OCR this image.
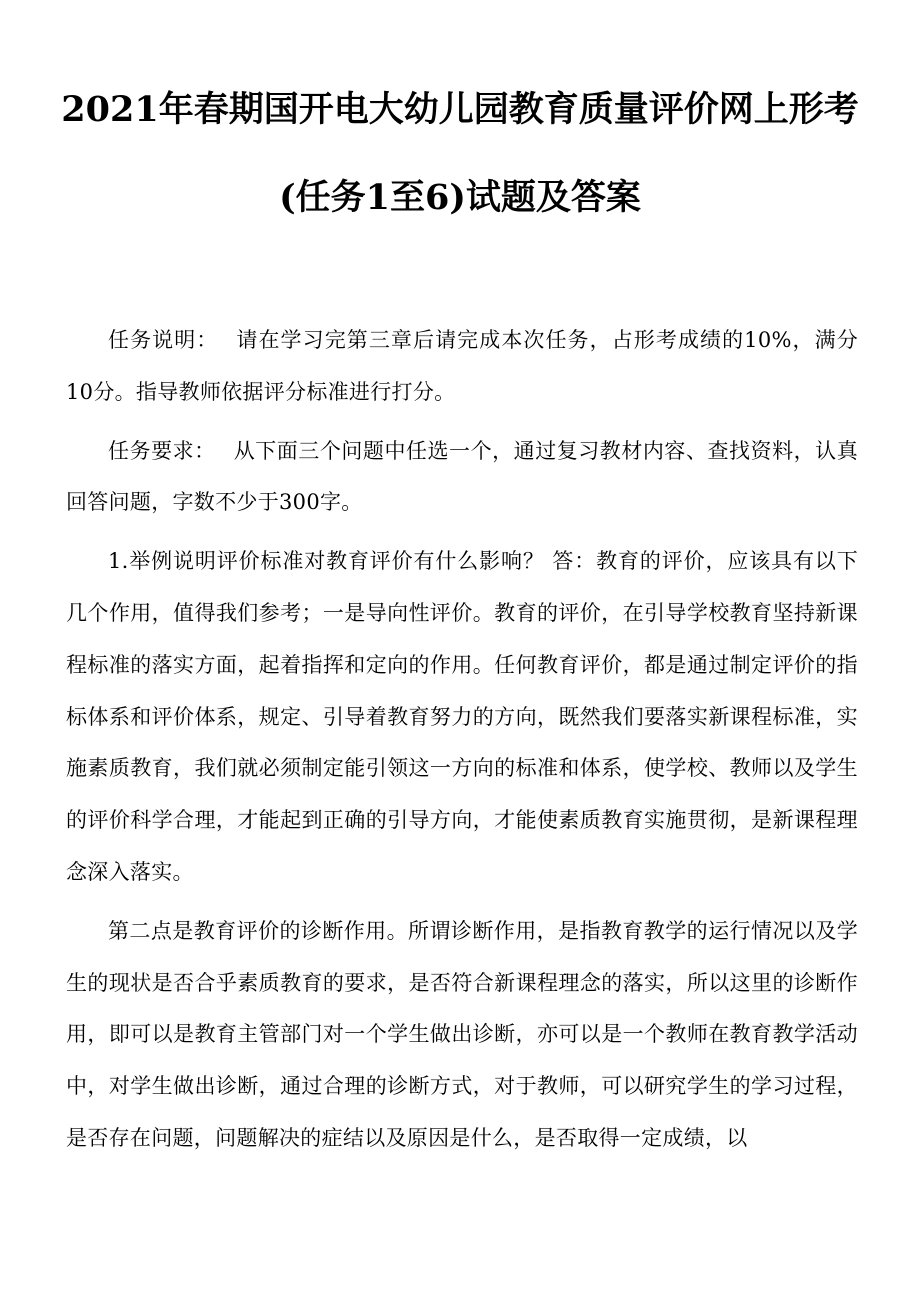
2021年春期国开电大幼儿园教育质量评价网上形考
(任务1至6)试题及答案

任务说明： 请在学习完第三章后请完成本次任务，占形考成绩的10%，满分10分。指导教师依据评分标准进行打分。

任务要求： 从下面三个问题中任选一个，通过复习教材内容、查找资料，认真回答问题，字数不少于300字。

1.举例说明评价标准对教育评价有什么影响？ 答：教育的评价，应该具有以下几个作用，值得我们参考；一是导向性评价。教育的评价，在引导学校教育坚持新课程标准的落实方面，起着指挥和定向的作用。任何教育评价，都是通过制定评价的指标体系和评价体系，规定、引导着教育努力的方向，既然我们要落实新课程标准，实施素质教育，我们就必须制定能引领这一方向的标准和体系，使学校、教师以及学生的评价科学合理，才能起到正确的引导方向，才能使素质教育实施贯彻，是新课程理念深入落实。

第二点是教育评价的诊断作用。所谓诊断作用，是指教育教学的运行情况以及学生的现状是否合乎素质教育的要求，是否符合新课程理念的落实，所以这里的诊断作用，即可以是教育主管部门对一个学生做出诊断，亦可以是一个教师在教育教学活动中，对学生做出诊断，通过合理的诊断方式，对于教师，可以研究学生的学习过程，是否存在问题，问题解决的症结以及原因是什么，是否取得一定成绩，以
